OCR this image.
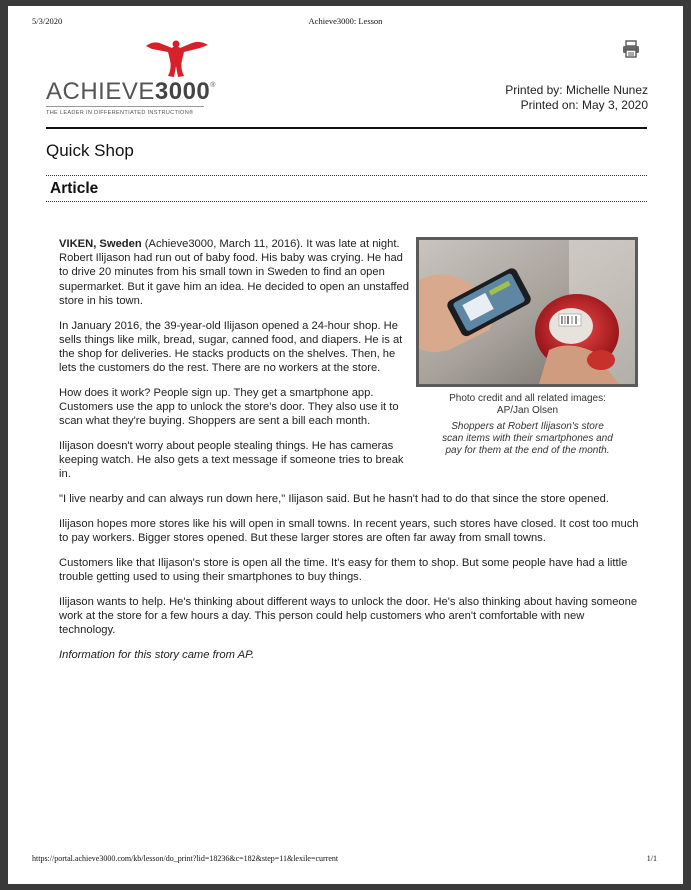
5/3/2020	Achieve3000: Lesson
ACHIEVE3000®
THE LEADER IN DIFFERENTIATED INSTRUCTION®
Printed by: Michelle Nunez
Printed on: May 3, 2020
Quick Shop
Article
Photo credit and all related images: AP/Jan Olsen
Shoppers at Robert Ilijason's store scan items with their smartphones and pay for them at the end of the month.

VIKEN, Sweden (Achieve3000, March 11, 2016). It was late at night. Robert Ilijason had run out of baby food. His baby was crying. He had to drive 20 minutes from his small town in Sweden to find an open supermarket. But it gave him an idea. He decided to open an unstaffed store in his town.

In January 2016, the 39-year-old Ilijason opened a 24-hour shop. He sells things like milk, bread, sugar, canned food, and diapers. He is at the shop for deliveries. He stacks products on the shelves. Then, he lets the customers do the rest. There are no workers at the store.

How does it work? People sign up. They get a smartphone app. Customers use the app to unlock the store's door. They also use it to scan what they're buying. Shoppers are sent a bill each month.

Ilijason doesn't worry about people stealing things. He has cameras keeping watch. He also gets a text message if someone tries to break in.

"I live nearby and can always run down here," Ilijason said. But he hasn't had to do that since the store opened.

Ilijason hopes more stores like his will open in small towns. In recent years, such stores have closed. It cost too much to pay workers. Bigger stores opened. But these larger stores are often far away from small towns.

Customers like that Ilijason's store is open all the time. It's easy for them to shop. But some people have had a little trouble getting used to using their smartphones to buy things.

Ilijason wants to help. He's thinking about different ways to unlock the door. He's also thinking about having someone work at the store for a few hours a day. This person could help customers who aren't comfortable with new technology.

Information for this story came from AP.

https://portal.achieve3000.com/kb/lesson/do_print?lid=18236&c=182&step=11&lexile=current	1/1
